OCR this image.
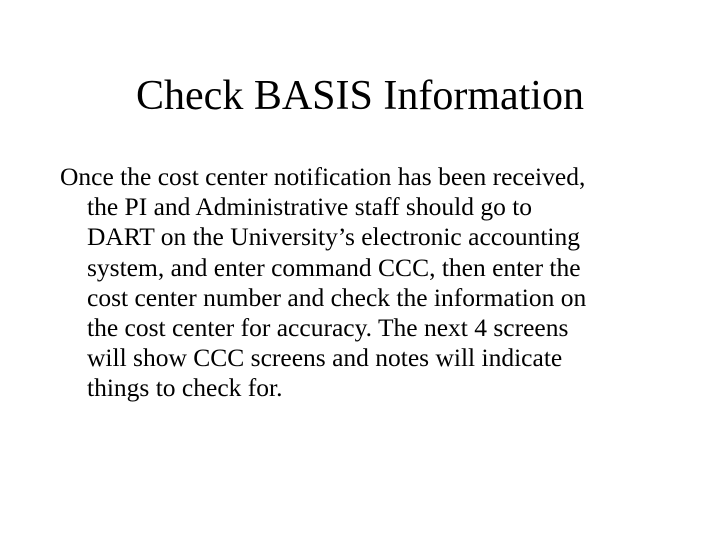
Check BASIS Information
Once the cost center notification has been received,
the PI and Administrative staff should go to
DART on the University’s electronic accounting
system, and enter command CCC, then enter the
cost center number and check the information on
the cost center for accuracy. The next 4 screens
will show CCC screens and notes will indicate
things to check for.
